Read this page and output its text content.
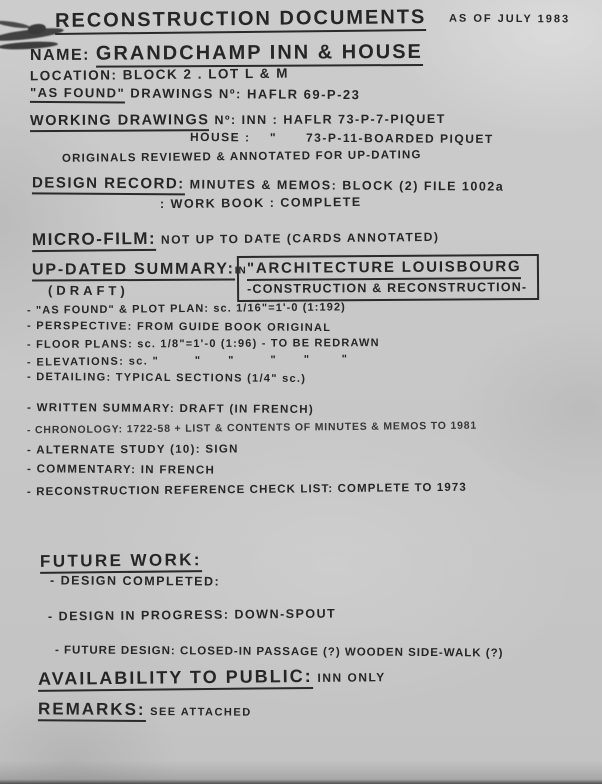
RECONSTRUCTION DOCUMENTS AS OF JULY 1983
NAME: GRANDCHAMP INN & HOUSE
LOCATION: BLOCK 2 . LOT L & M
"AS FOUND" DRAWINGS Nº: HAFLR 69-P-23
WORKING DRAWINGS Nº: INN : HAFLR 73-P-7-PIQUET
HOUSE :    "      73-P-11-BOARDED PIQUET
ORIGINALS REVIEWED & ANNOTATED FOR UP-DATING
DESIGN RECORD: MINUTES & MEMOS: BLOCK (2) FILE 1002a
: WORK BOOK : COMPLETE
MICRO-FILM: NOT UP TO DATE (CARDS ANNOTATED)
UP-DATED SUMMARY:IN "ARCHITECTURE LOUISBOURG
-CONSTRUCTION & RECONSTRUCTION-
(DRAFT)
- "AS FOUND" & PLOT PLAN: sc. 1/16"=1'-0 (1:192)
- PERSPECTIVE: FROM GUIDE BOOK ORIGINAL
- FLOOR PLANS: sc. 1/8"=1'-0 (1:96) - TO BE REDRAWN
- ELEVATIONS: sc. "        "      "        "      "       "
- DETAILING: TYPICAL SECTIONS (1/4" sc.)
- WRITTEN SUMMARY: DRAFT (IN FRENCH)
- CHRONOLOGY: 1722-58 + LIST & CONTENTS OF MINUTES & MEMOS TO 1981
- ALTERNATE STUDY (10): SIGN
- COMMENTARY: IN FRENCH
- RECONSTRUCTION REFERENCE CHECK LIST: COMPLETE TO 1973
FUTURE WORK:
- DESIGN COMPLETED:
- DESIGN IN PROGRESS: DOWN-SPOUT
- FUTURE DESIGN: CLOSED-IN PASSAGE (?) WOODEN SIDE-WALK (?)
AVAILABILITY TO PUBLIC: INN ONLY
REMARKS: SEE ATTACHED
